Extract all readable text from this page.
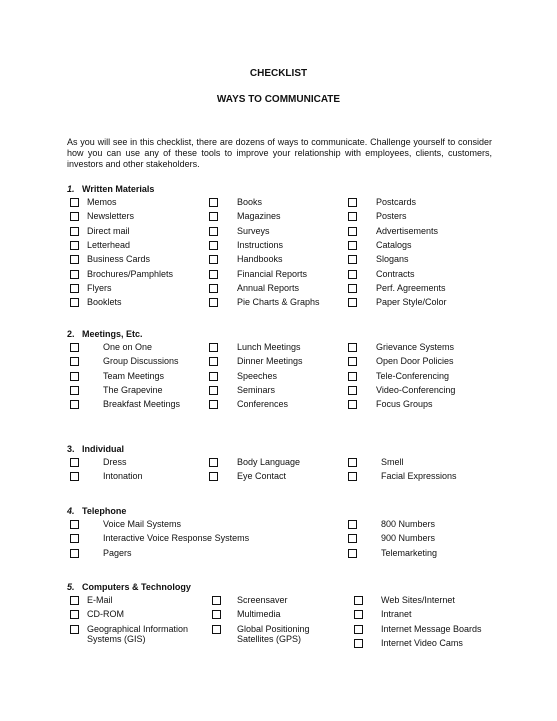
CHECKLIST
WAYS TO COMMUNICATE
As you will see in this checklist, there are dozens of ways to communicate. Challenge yourself to consider how you can use any of these tools to improve your relationship with employees, clients, customers, investors and other stakeholders.
1. Written Materials
2. Meetings, Etc.
3. Individual
4. Telephone
5. Computers & Technology
Memos
Newsletters
Direct mail
Letterhead
Business Cards
Brochures/Pamphlets
Flyers
Booklets
Books
Magazines
Surveys
Instructions
Handbooks
Financial Reports
Annual Reports
Pie Charts & Graphs
Postcards
Posters
Advertisements
Catalogs
Slogans
Contracts
Perf. Agreements
Paper Style/Color
One on One
Group Discussions
Team Meetings
The Grapevine
Breakfast Meetings
Lunch Meetings
Dinner Meetings
Speeches
Seminars
Conferences
Grievance Systems
Open Door Policies
Tele-Conferencing
Video-Conferencing
Focus Groups
Dress
Intonation
Body Language
Eye Contact
Smell
Facial Expressions
Voice Mail Systems
Interactive Voice Response Systems
Pagers
800 Numbers
900 Numbers
Telemarketing
E-Mail
CD-ROM
Geographical Information Systems (GIS)
Screensaver
Multimedia
Global Positioning Satellites (GPS)
Web Sites/Internet
Intranet
Internet Message Boards
Internet Video Cams
